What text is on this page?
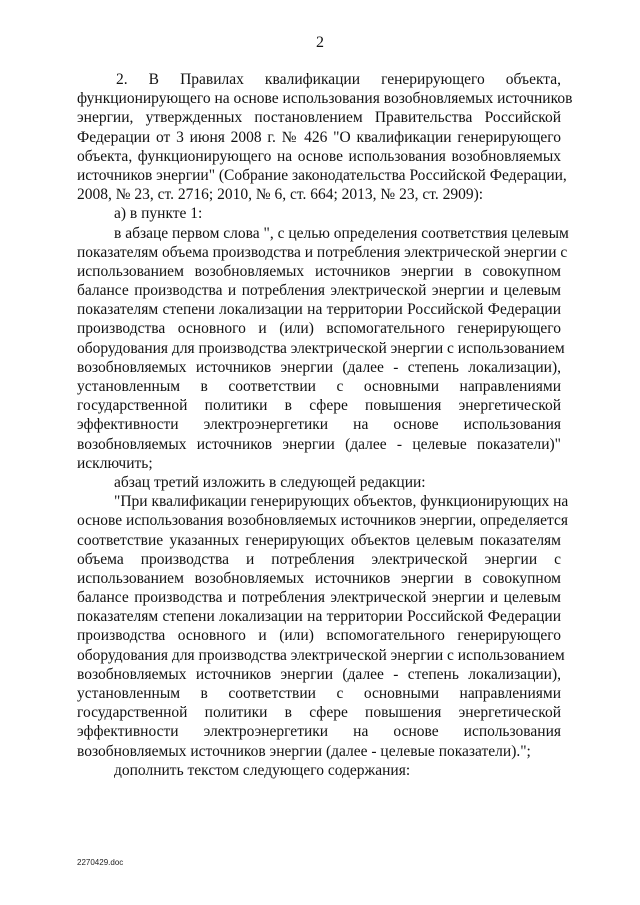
2
2. В Правилах квалификации генерирующего объекта,
функционирующего на основе использования возобновляемых источников
энергии, утвержденных постановлением Правительства Российской
Федерации от 3 июня 2008 г. № 426 "О квалификации генерирующего
объекта, функционирующего на основе использования возобновляемых
источников энергии" (Собрание законодательства Российской Федерации,
2008, № 23, ст. 2716; 2010, № 6, ст. 664; 2013, № 23, ст. 2909):
а) в пункте 1:
в абзаце первом слова ", с целью определения соответствия целевым
показателям объема производства и потребления электрической энергии с
использованием возобновляемых источников энергии в совокупном
балансе производства и потребления электрической энергии и целевым
показателям степени локализации на территории Российской Федерации
производства основного и (или) вспомогательного генерирующего
оборудования для производства электрической энергии с использованием
возобновляемых источников энергии (далее - степень локализации),
установленным в соответствии с основными направлениями
государственной политики в сфере повышения энергетической
эффективности электроэнергетики на основе использования
возобновляемых источников энергии (далее - целевые показатели)"
исключить;
абзац третий изложить в следующей редакции:
"При квалификации генерирующих объектов, функционирующих на
основе использования возобновляемых источников энергии, определяется
соответствие указанных генерирующих объектов целевым показателям
объема производства и потребления электрической энергии с
использованием возобновляемых источников энергии в совокупном
балансе производства и потребления электрической энергии и целевым
показателям степени локализации на территории Российской Федерации
производства основного и (или) вспомогательного генерирующего
оборудования для производства электрической энергии с использованием
возобновляемых источников энергии (далее - степень локализации),
установленным в соответствии с основными направлениями
государственной политики в сфере повышения энергетической
эффективности электроэнергетики на основе использования
возобновляемых источников энергии (далее - целевые показатели).";
дополнить текстом следующего содержания:
2270429.doc
